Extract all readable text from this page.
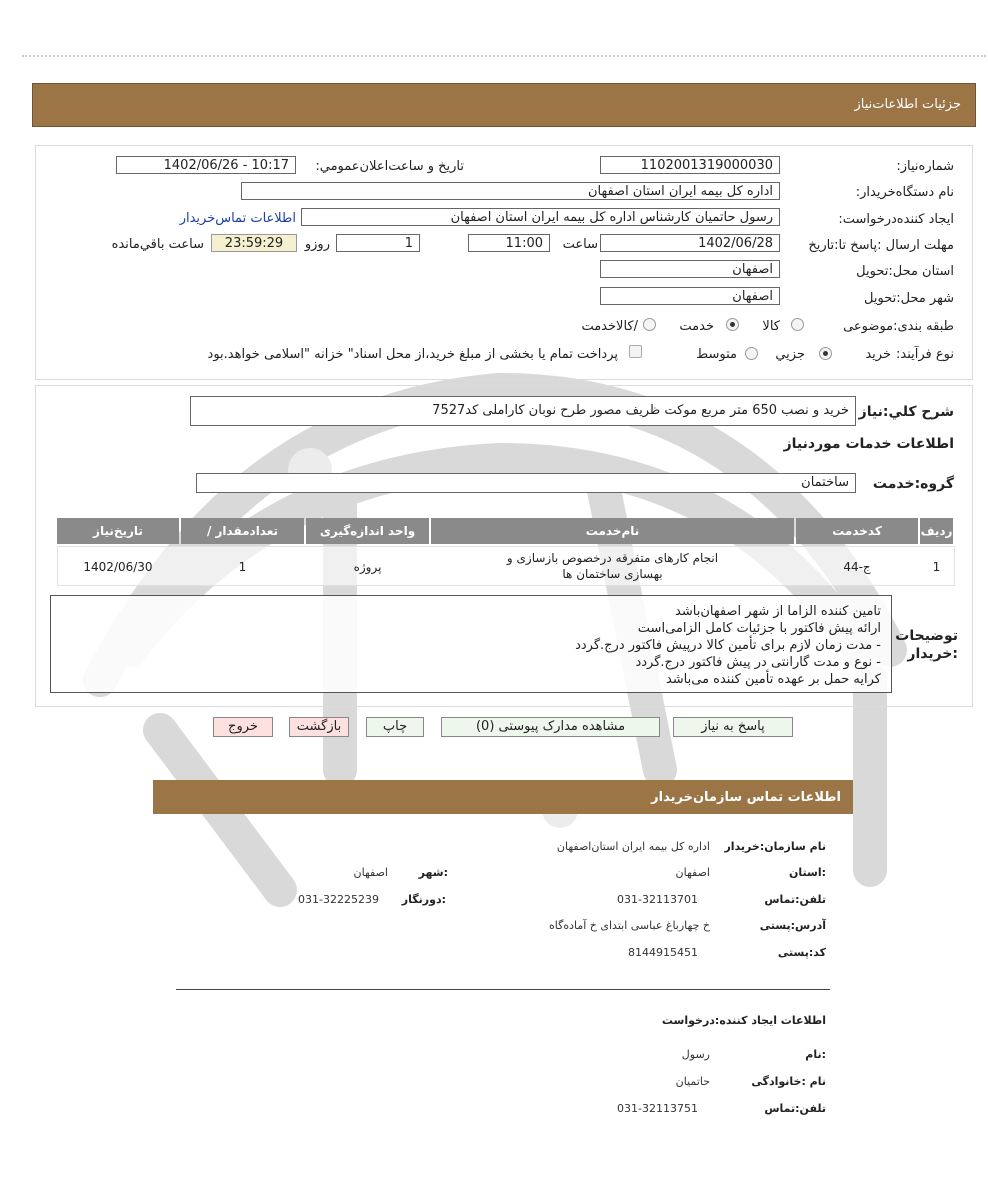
جزئیات اطلاعات‌نیاز
شماره‌نیاز:
1102001319000030
تاریخ و ساعت‌اعلان‌عمومي:
1402/06/26 - 10:17
نام دستگاه‌خریدار:
اداره کل بیمه ایران استان اصفهان
ایجاد کننده‌درخواست:
رسول حاتمیان کارشناس اداره کل بیمه ایران استان اصفهان
اطلاعات تماس‌خریدار
مهلت ارسال :پاسخ تا:تاریخ
1402/06/28
ساعت
11:00
1
روزو
23:59:29
ساعت باقي‌مانده
استان محل:تحویل
اصفهان
شهر محل:تحویل
اصفهان
طبقه بندی:موضوعی
کالا
خدمت
/کالاخدمت
نوع فرآیند:
خرید
جزيي
متوسط
پرداخت تمام یا بخشی از مبلغ خرید،از محل اسناد" خزانه "اسلامی خواهد.بود
شرح کلي:نیاز
خرید و نصب 650 متر مربع موکت ظریف مصور طرح نوبان کاراملی کد7527
اطلاعات خدمات موردنیاز
گروه:خدمت
ساختمان
ردیف
کدخدمت
نام‌خدمت
واحد اندازه‌گیری
/ تعدادمقدار
تاریخ‌نیاز
1
ج-44
انجام کارهای متفرقه درخصوص بازسازی و
بهسازی ساختمان ها
پروژه
1
1402/06/30
توضیحات
:خریدار
تامین کننده الزاما از شهر اصفهان‌باشد
ارائه پیش فاکتور با جزئیات کامل الزامی‌است
- مدت زمان لازم برای تأمین کالا درپیش فاکتور درج.گردد
- نوع و مدت گارانتی در پیش فاکتور درج.گردد
کرایه حمل بر عهده تأمین کننده می‌باشد
پاسخ به نیاز
مشاهده مدارک پیوستی (0)
چاپ
بازگشت
خروج
اطلاعات تماس سازمان‌خریدار
نام سازمان:خریدار
اداره کل بیمه ایران استان‌اصفهان
:استان
اصفهان
:شهر
اصفهان
تلفن:تماس
031-32113701
:دورنگار
031-32225239
آدرس:پستی
خ چهارباغ عباسی ابتدای خ آماده‌گاه
کد:پستی
8144915451
اطلاعات ایجاد کننده:درخواست
:نام
رسول
نام :خانوادگی
حاتمیان
تلفن:تماس
031-32113751
